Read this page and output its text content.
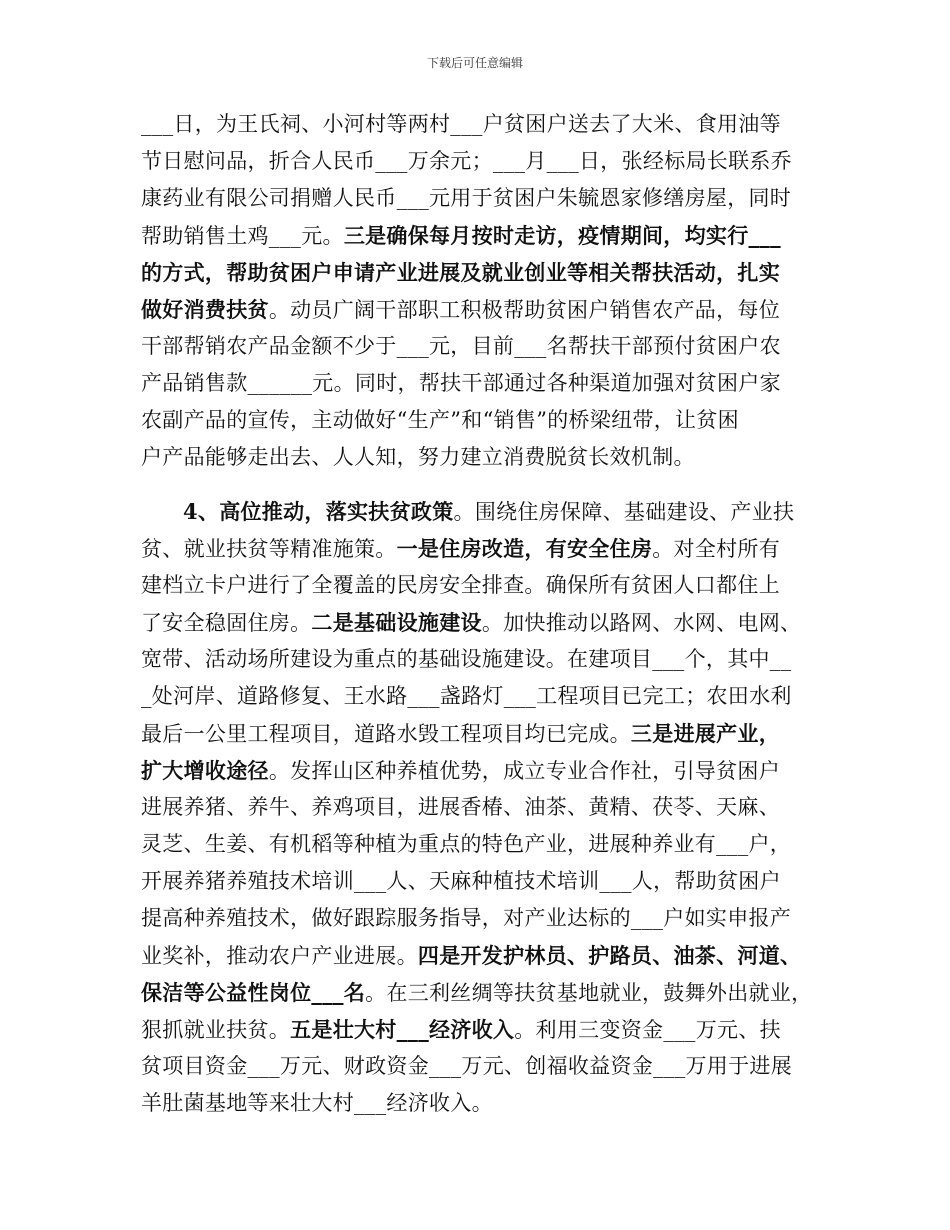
下载后可任意编辑
___日，为王氏祠、小河村等两村___户贫困户送去了大米、食用油等
节日慰问品，折合人民币___万余元；___月___日，张经标局长联系乔
康药业有限公司捐赠人民币___元用于贫困户朱毓恩家修缮房屋，同时
帮助销售土鸡___元。三是确保每月按时走访，疫情期间，均实行___
的方式，帮助贫困户申请产业进展及就业创业等相关帮扶活动，扎实
做好消费扶贫。动员广阔干部职工积极帮助贫困户销售农产品，每位
干部帮销农产品金额不少于___元，目前___名帮扶干部预付贫困户农
产品销售款______元。同时，帮扶干部通过各种渠道加强对贫困户家
农副产品的宣传，主动做好“生产”和“销售”的桥梁纽带，让贫困
户产品能够走出去、人人知，努力建立消费脱贫长效机制。
4、高位推动，落实扶贫政策。围绕住房保障、基础建设、产业扶
贫、就业扶贫等精准施策。一是住房改造，有安全住房。对全村所有
建档立卡户进行了全覆盖的民房安全排查。确保所有贫困人口都住上
了安全稳固住房。二是基础设施建设。加快推动以路网、水网、电网、
宽带、活动场所建设为重点的基础设施建设。在建项目___个，其中__
_处河岸、道路修复、王水路___盏路灯___工程项目已完工；农田水利
最后一公里工程项目，道路水毁工程项目均已完成。三是进展产业，
扩大增收途径。发挥山区种养植优势，成立专业合作社，引导贫困户
进展养猪、养牛、养鸡项目，进展香椿、油茶、黄精、茯苓、天麻、
灵芝、生姜、有机稻等种植为重点的特色产业，进展种养业有___户，
开展养猪养殖技术培训___人、天麻种植技术培训___人，帮助贫困户
提高种养殖技术，做好跟踪服务指导，对产业达标的___户如实申报产
业奖补，推动农户产业进展。四是开发护林员、护路员、油茶、河道、
保洁等公益性岗位___名。在三利丝绸等扶贫基地就业，鼓舞外出就业，
狠抓就业扶贫。五是壮大村___经济收入。利用三变资金___万元、扶
贫项目资金___万元、财政资金___万元、创福收益资金___万用于进展
羊肚菌基地等来壮大村___经济收入。
